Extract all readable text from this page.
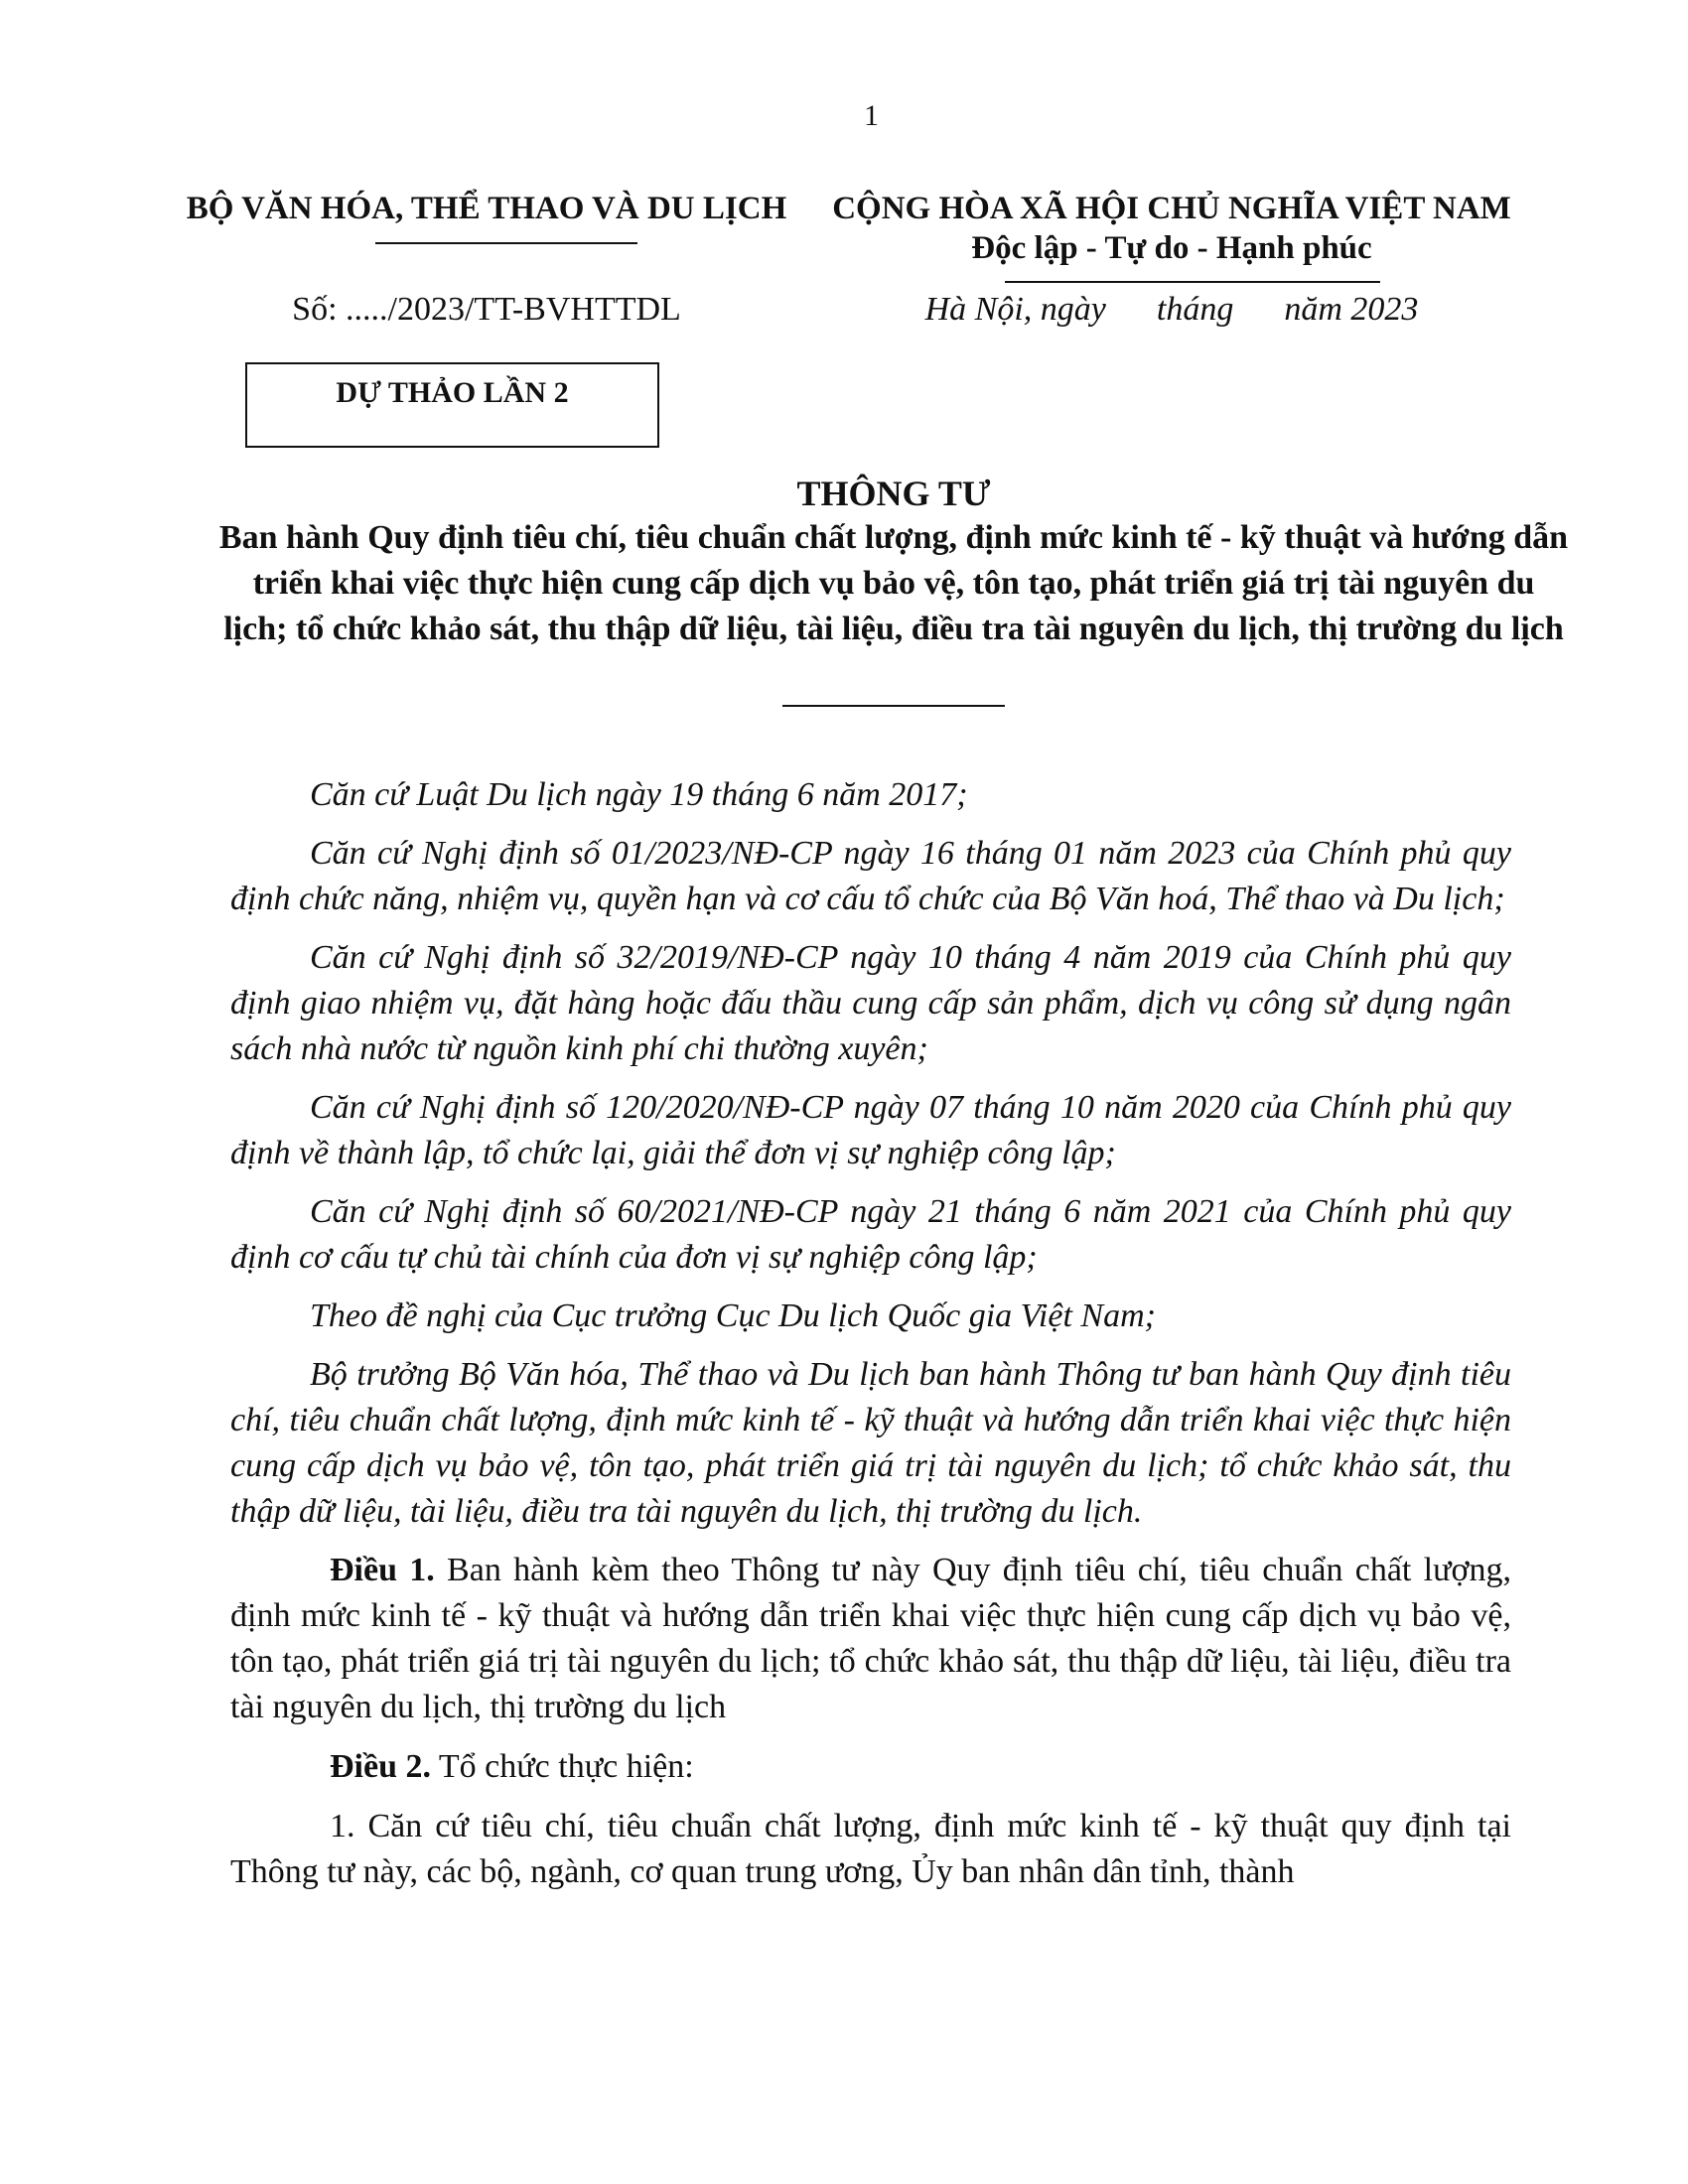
1
BỘ VĂN HÓA, THỂ THAO VÀ DU LỊCH	CỘNG HÒA XÃ HỘI CHỦ NGHĨA VIỆT NAM
Độc lập - Tự do - Hạnh phúc
Số: ...../2023/TT-BVHTTDL	Hà Nội, ngày      tháng      năm 2023
DỰ THẢO LẦN 2
THÔNG TƯ
Ban hành Quy định tiêu chí, tiêu chuẩn chất lượng, định mức kinh tế - kỹ thuật và hướng dẫn triển khai việc thực hiện cung cấp dịch vụ bảo vệ, tôn tạo, phát triển giá trị tài nguyên du lịch; tổ chức khảo sát, thu thập dữ liệu, tài liệu, điều tra tài nguyên du lịch, thị trường du lịch

Căn cứ Luật Du lịch ngày 19 tháng 6 năm 2017;

Căn cứ Nghị định số 01/2023/NĐ-CP ngày 16 tháng 01 năm 2023 của Chính phủ quy định chức năng, nhiệm vụ, quyền hạn và cơ cấu tổ chức của Bộ Văn hoá, Thể thao và Du lịch;

Căn cứ Nghị định số 32/2019/NĐ-CP ngày 10 tháng 4 năm 2019 của Chính phủ quy định giao nhiệm vụ, đặt hàng hoặc đấu thầu cung cấp sản phẩm, dịch vụ công sử dụng ngân sách nhà nước từ nguồn kinh phí chi thường xuyên;

Căn cứ Nghị định số 120/2020/NĐ-CP ngày 07 tháng 10 năm 2020 của Chính phủ quy định về thành lập, tổ chức lại, giải thể đơn vị sự nghiệp công lập;

Căn cứ Nghị định số 60/2021/NĐ-CP ngày 21 tháng 6 năm 2021 của Chính phủ quy định cơ cấu tự chủ tài chính của đơn vị sự nghiệp công lập;

Theo đề nghị của Cục trưởng Cục Du lịch Quốc gia Việt Nam;

Bộ trưởng Bộ Văn hóa, Thể thao và Du lịch ban hành Thông tư ban hành Quy định tiêu chí, tiêu chuẩn chất lượng, định mức kinh tế - kỹ thuật và hướng dẫn triển khai việc thực hiện cung cấp dịch vụ bảo vệ, tôn tạo, phát triển giá trị tài nguyên du lịch; tổ chức khảo sát, thu thập dữ liệu, tài liệu, điều tra tài nguyên du lịch, thị trường du lịch.

Điều 1. Ban hành kèm theo Thông tư này Quy định tiêu chí, tiêu chuẩn chất lượng, định mức kinh tế - kỹ thuật và hướng dẫn triển khai việc thực hiện cung cấp dịch vụ bảo vệ, tôn tạo, phát triển giá trị tài nguyên du lịch; tổ chức khảo sát, thu thập dữ liệu, tài liệu, điều tra tài nguyên du lịch, thị trường du lịch

Điều 2. Tổ chức thực hiện:

1. Căn cứ tiêu chí, tiêu chuẩn chất lượng, định mức kinh tế - kỹ thuật quy định tại Thông tư này, các bộ, ngành, cơ quan trung ương, Ủy ban nhân dân tỉnh, thành
